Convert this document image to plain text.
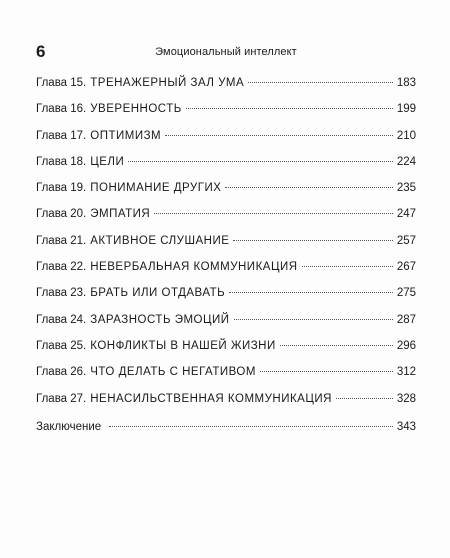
6	Эмоциональный интеллект
Глава 15. ТРЕНАЖЕРНЫЙ ЗАЛ УМА	183
Глава 16. УВЕРЕННОСТЬ	199
Глава 17. ОПТИМИЗМ	210
Глава 18. ЦЕЛИ	224
Глава 19. ПОНИМАНИЕ ДРУГИХ	235
Глава 20. ЭМПАТИЯ	247
Глава 21. АКТИВНОЕ СЛУШАНИЕ	257
Глава 22. НЕВЕРБАЛЬНАЯ КОММУНИКАЦИЯ	267
Глава 23. БРАТЬ ИЛИ ОТДАВАТЬ	275
Глава 24. ЗАРАЗНОСТЬ ЭМОЦИЙ	287
Глава 25. КОНФЛИКТЫ В НАШЕЙ ЖИЗНИ	296
Глава 26. ЧТО ДЕЛАТЬ С НЕГАТИВОМ	312
Глава 27. НЕНАСИЛЬСТВЕННАЯ КОММУНИКАЦИЯ	328
Заключение	343
